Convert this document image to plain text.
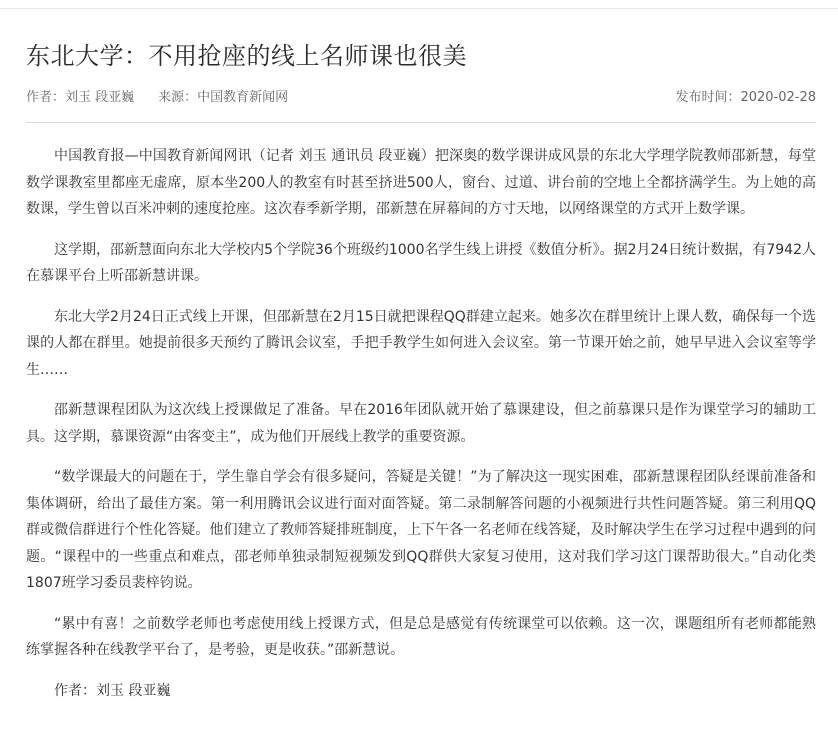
东北大学：不用抢座的线上名师课也很美
作者：刘玉 段亚巍 来源：中国教育新闻网	发布时间：2020-02-28

中国教育报—中国教育新闻网讯（记者 刘玉 通讯员 段亚巍）把深奥的数学课讲成风景的东北大学理学院教师邵新慧，每堂数学课教室里都座无虚席，原本坐200人的教室有时甚至挤进500人，窗台、过道、讲台前的空地上全都挤满学生。为上她的高数课，学生曾以百米冲刺的速度抢座。这次春季新学期，邵新慧在屏幕间的方寸天地，以网络课堂的方式开上数学课。

这学期，邵新慧面向东北大学校内5个学院36个班级约1000名学生线上讲授《数值分析》。据2月24日统计数据，有7942人在慕课平台上听邵新慧讲课。

东北大学2月24日正式线上开课，但邵新慧在2月15日就把课程QQ群建立起来。她多次在群里统计上课人数，确保每一个选课的人都在群里。她提前很多天预约了腾讯会议室，手把手教学生如何进入会议室。第一节课开始之前，她早早进入会议室等学生……

邵新慧课程团队为这次线上授课做足了准备。早在2016年团队就开始了慕课建设，但之前慕课只是作为课堂学习的辅助工具。这学期，慕课资源“由客变主”，成为他们开展线上教学的重要资源。

“数学课最大的问题在于，学生靠自学会有很多疑问，答疑是关键！”为了解决这一现实困难，邵新慧课程团队经课前准备和集体调研，给出了最佳方案。第一利用腾讯会议进行面对面答疑。第二录制解答问题的小视频进行共性问题答疑。第三利用QQ群或微信群进行个性化答疑。他们建立了教师答疑排班制度，上下午各一名老师在线答疑，及时解决学生在学习过程中遇到的问题。“课程中的一些重点和难点，邵老师单独录制短视频发到QQ群供大家复习使用，这对我们学习这门课帮助很大。”自动化类1807班学习委员裴梓钧说。

“累中有喜！之前数学老师也考虑使用线上授课方式，但是总是感觉有传统课堂可以依赖。这一次，课题组所有老师都能熟练掌握各种在线教学平台了，是考验，更是收获。”邵新慧说。

作者：刘玉 段亚巍
